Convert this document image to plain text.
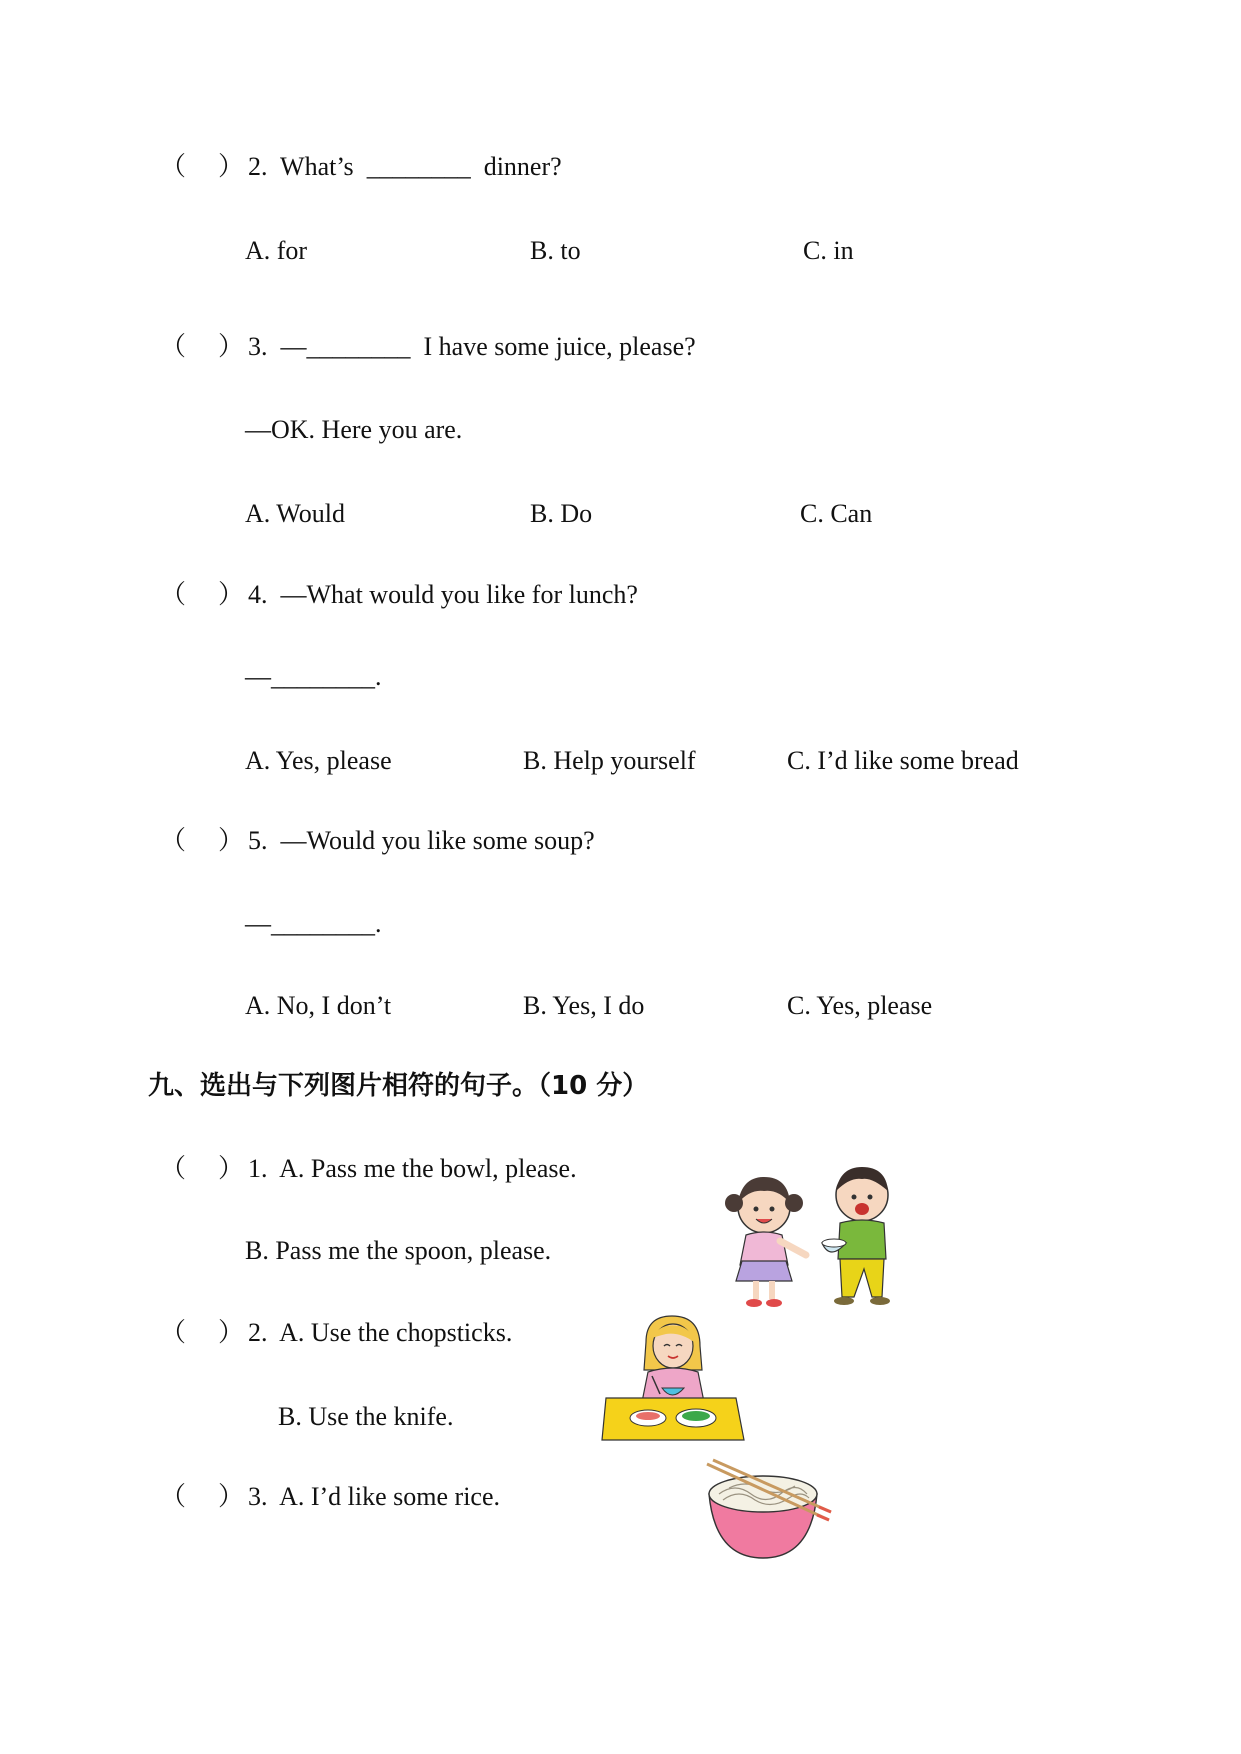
（ ） 2. What’s ________ dinner?
A. for	B. to	C. in
（ ） 3. —________ I have some juice, please?
—OK. Here you are.
A. Would	B. Do	C. Can
（ ） 4. —What would you like for lunch?
—________.
A. Yes, please	B. Help yourself	C. I’d like some bread
（ ） 5. —Would you like some soup?
—________.
A. No, I don’t	B. Yes, I do	C. Yes, please
九、选出与下列图片相符的句子。（10 分）
（ ） 1. A. Pass me the bowl, please.
B. Pass me the spoon, please.
（ ） 2. A. Use the chopsticks.
B. Use the knife.
（ ） 3. A. I’d like some rice.
